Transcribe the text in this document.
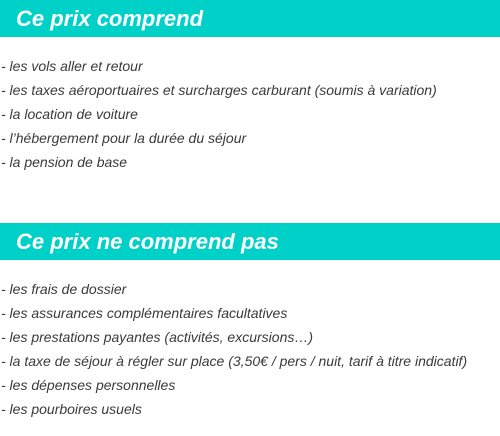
Ce prix comprend
- les vols aller et retour
- les taxes aéroportuaires et surcharges carburant (soumis à variation)
- la location de voiture
- l’hébergement pour la durée du séjour
- la pension de base
Ce prix ne comprend pas
- les frais de dossier
- les assurances complémentaires facultatives
- les prestations payantes (activités, excursions…)
- la taxe de séjour à régler sur place (3,50€ / pers / nuit, tarif à titre indicatif)
- les dépenses personnelles
- les pourboires usuels
